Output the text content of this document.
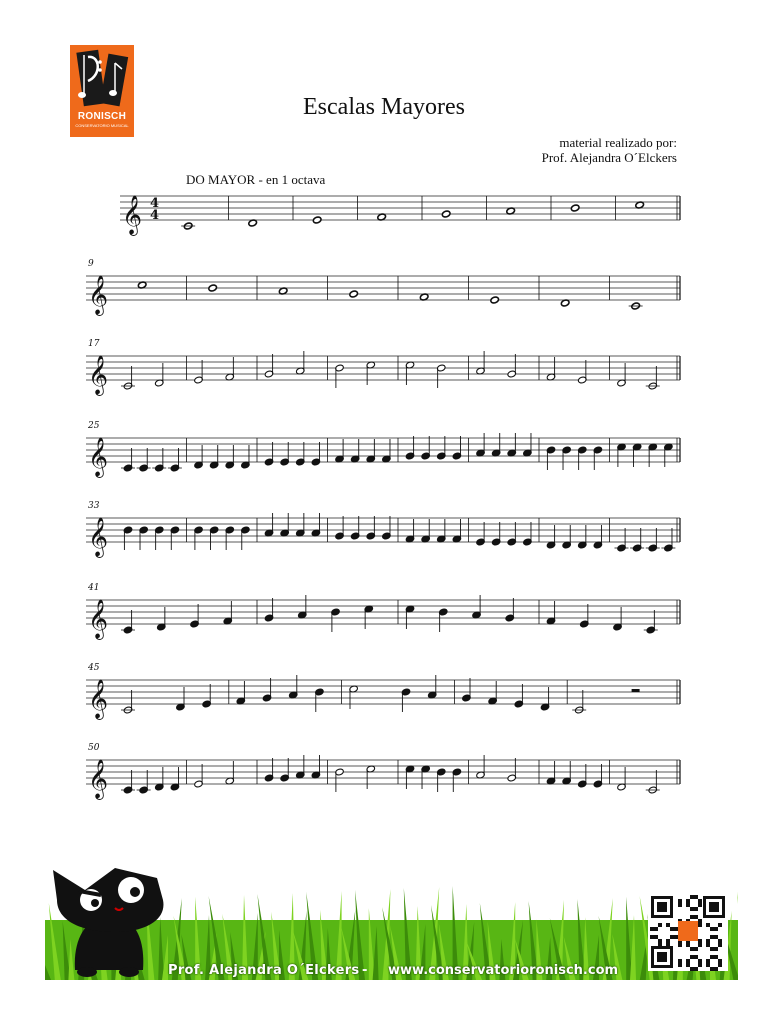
RONISCH
CONSERVATORIO MUSICAL
Escalas Mayores
material realizado por:
Prof. Alejandra O´Elckers
DO MAYOR - en 1 octava
𝄞 4
4
𝄞
9
𝄞
17
𝄞
25
𝄞
33
𝄞
41
𝄞
45
𝄞
50
Prof. Alejandra O´Elckers - www.conservatorioronisch.com
